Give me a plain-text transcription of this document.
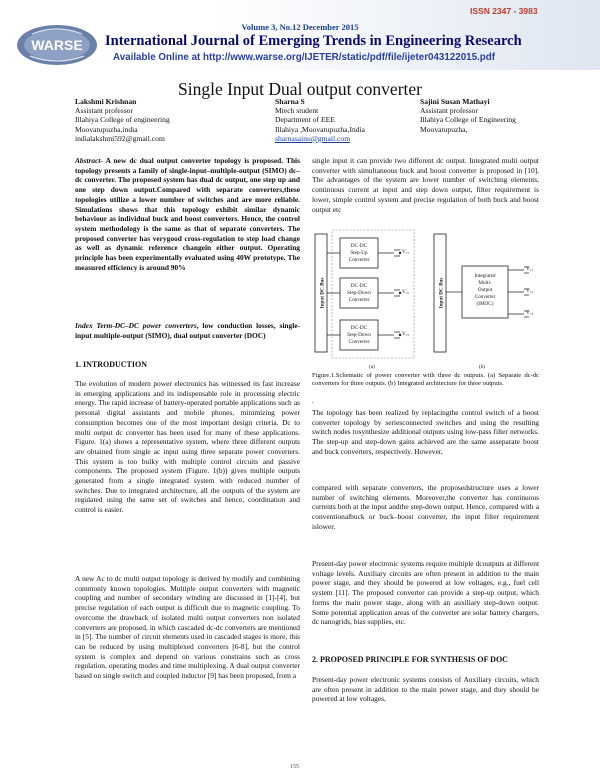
ISSN 2347 - 3983
WARSE
Volume 3, No.12 December 2015
International Journal of Emerging Trends in Engineering Research
Available Online at http://www.warse.org/IJETER/static/pdf/file/ijeter043122015.pdf
Single Input Dual output converter
Lakshmi Krishnan
Assistant professor
Illahiya College of engineering
Moovatupuzha,india
indialakshmi592@gmail.com
Sharna S
Mtech student
Department of EEE
Illahiya ,Moovatupuzha,India
sharnasainu@gmail.com
Sajini Susan Mathayi
Assistant professor
Illahiya College of Engineering
Moovatupuzha,
Abstract- A new dc dual output converter topology is proposed. This topology presents a family of single-input–multiple-output (SIMO) dc–dc converter. The proposed system has dual dc output, one step up and one step down output.Compared with separate converters,these topologies utilize a lower number of switches and are more reliable. Simulations shows that this topology exhibit similar dynamic behaviour as individual buck and boost converters. Hence, the control system methodology is the same as that of separate converters. The proposed converter has verygood cross-regulation to step load change as well as dynamic reference changein either output. Operating principle has been experimentally evaluated using 40W prototype. The measured efficiency is around 90%
Index Term-DC–DC power converters, low conduction losses, single-input multiple-output (SIMO), dual output converter (DOC)
1. INTRODUCTION
The evolution of modern power electronics has witnessed its fast increase in emerging applications and its indispensable role in processing electric energy. The rapid increase of battery-operated portable applications such as personal digital assistants and mobile phones, minimizing power consumption becomes one of the most important design criteria. Dc to multi output dc converter has been used for many of these applications. Figure. 1(a) shows a representative system, where three different outputs are obtained from single ac input using three separate power converters. This system is too bulky with multiple control circuits and passive components. The proposed system (Figure. 1(b)) gives multiple outputs generated from a single integrated system with reduced number of switches. Due to integrated architecture, all the outputs of the system are regulated using the same set of switches and hence, coordination and control is easier.
A new Ac to dc multi output topology is derived by modify and combining commonly known topologies. Multiple output converters with magnetic coupling and number of secondary winding are discussed in [1]-[4], but precise regulation of each output is difficult due to magnetic coupling. To overcome the drawback of isolated multi output converters non isolated converters are proposed, in which cascaded dc-dc converters are mentioned in [5]. The number of circuit elements used in cascaded stages is more, this can be reduced by using multiplexed converters [6-8], but the control system is complex and depend on various constrains such as cross regulation, operating modes and time multiplexing. A dual output converter based on single switch and coupled inductor [9] has been proposed, from a
single input it can provide two different dc output. Integrated multi output converter with simultaneous buck and boost converter is proposed in [10]. The advantages of the system are lower number of switching elements, continuous current at input and step down output, filter requirement is lower, simple control system and precise regulation of both buck and boost output etc
Input DC Bus
DC-DC
Step-Up
Converter
DC-DC
Step-Down
Converter
DC-DC
Step-Down
Converter
Vₒ₁
Vₒ₂
Vₒ₃
(a)
Input DC Bus
Integrated
Multi-
Output
Converter
(IMOC)
Vₒ₁
Vₒ₂
Vₒ₃
(b)
Figure.1.Schematic of power converter with three dc outputs. (a) Separate dc-dc converters for three outputs. (b) Integrated architecture for three outputs.
.
The topology has been realized by replacingthe control switch of a boost converter topology by seriesconnected switches and using the resulting switch nodes tosynthesize additional outputs using low-pass filter networks. The step-up and step-down gains achieved are the same asseparate boost and buck converters, respectively. However,
compared with separate converters, the proposedstructure uses a lower number of switching elements. Moreover,the converter has continuous currents both at the input andthe step-down output. Hence, compared with a conventionalbuck or buck–boost converter, the input filter requirement islower.
Present-day power electronic systems require multiple dcoutputs at different voltage levels. Auxiliary circuits are often present in addition to the main power stage, and they should be powered at low voltages, e.g., fuel cell system [11]. The proposed converter can provide a step-up output, which forms the main power stage, along with an auxiliary step-down output. Some potential application areas of the converter are solar battery chargers, dc nanogrids, bias supplies, etc.
2. PROPOSED PRINCIPLE FOR SYNTHESIS OF DOC
Present-day power electronic systems consists of Auxiliary circuits, which are often present in addition to the main power stage, and they should be powered at low voltages,
155
